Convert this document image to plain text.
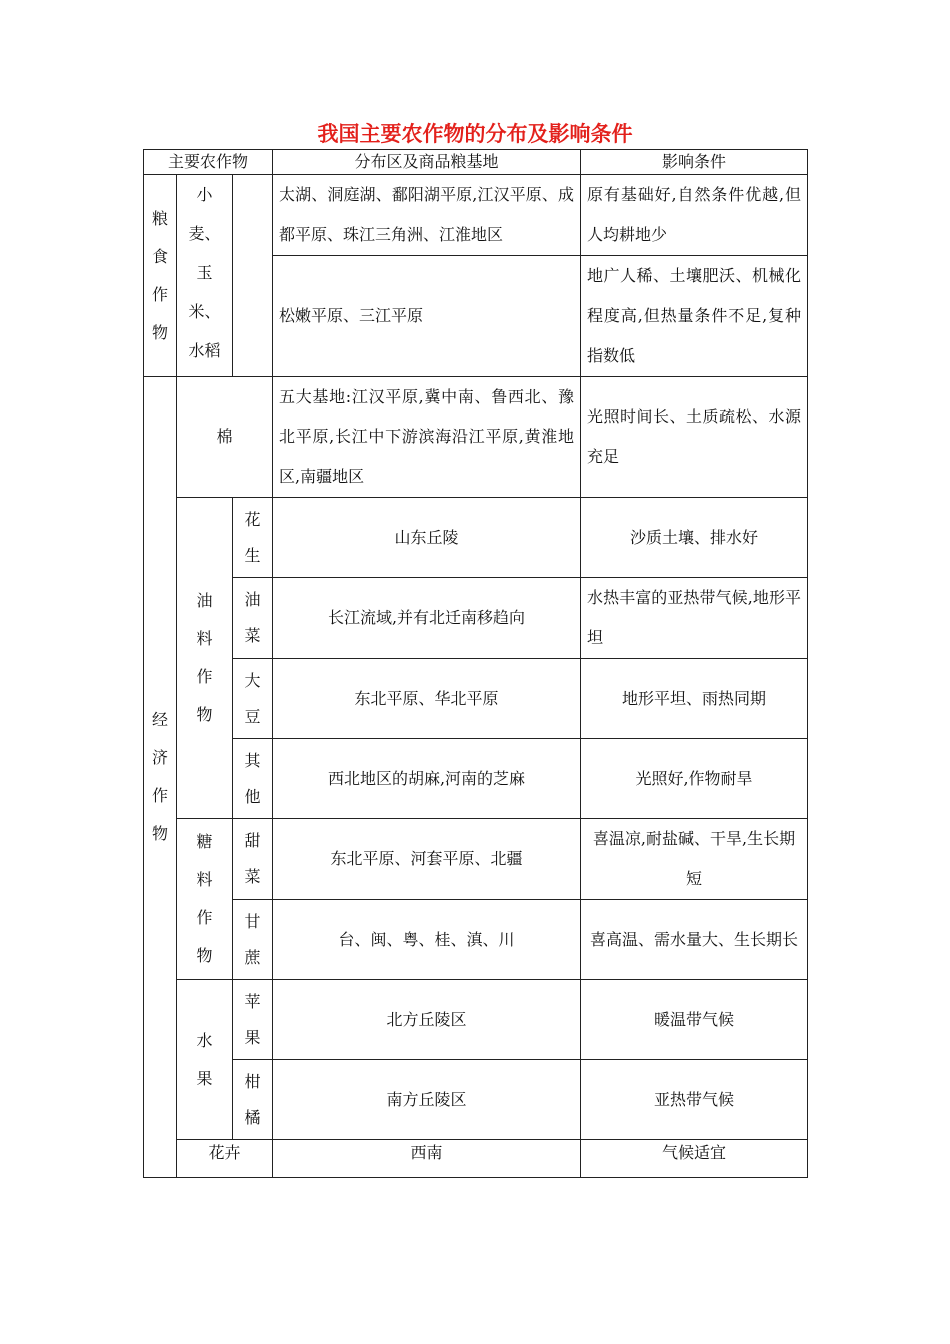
我国主要农作物的分布及影响条件
主要农作物			分布区及商品粮基地	影响条件

粮食作物	小麦、玉米、水稻		太湖、洞庭湖、鄱阳湖平原,江汉平原、成都平原、珠江三角洲、江淮地区	原有基础好,自然条件优越,但人均耕地少

			松嫩平原、三江平原	地广人稀、土壤肥沃、机械化程度高,但热量条件不足,复种指数低

经济作物	棉		五大基地:江汉平原,冀中南、鲁西北、豫北平原,长江中下游滨海沿江平原,黄淮地区,南疆地区	光照时间长、土质疏松、水源充足

	油料作物	花生	山东丘陵	沙质土壤、排水好

		油菜	长江流域,并有北迁南移趋向	水热丰富的亚热带气候,地形平坦

		大豆	东北平原、华北平原	地形平坦、雨热同期

		其他	西北地区的胡麻,河南的芝麻	光照好,作物耐旱

	糖料作物	甜菜	东北平原、河套平原、北疆	喜温凉,耐盐碱、干旱,生长期短

		甘蔗	台、闽、粤、桂、滇、川	喜高温、需水量大、生长期长

	水果	苹果	北方丘陵区	暖温带气候

		柑橘	南方丘陵区	亚热带气候

	花卉		西南	气候适宜
